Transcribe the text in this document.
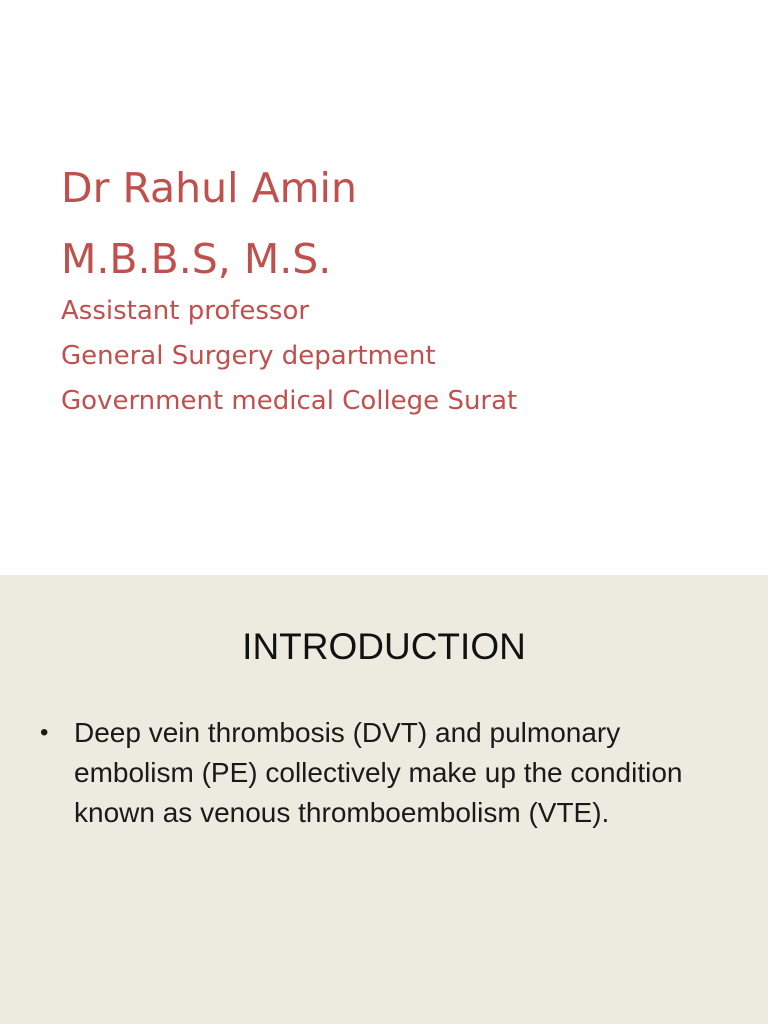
Dr Rahul Amin
M.B.B.S, M.S.
Assistant professor
General Surgery department
Government medical College Surat
INTRODUCTION
• Deep vein thrombosis (DVT) and pulmonary embolism (PE) collectively make up the condition known as venous thromboembolism (VTE).
